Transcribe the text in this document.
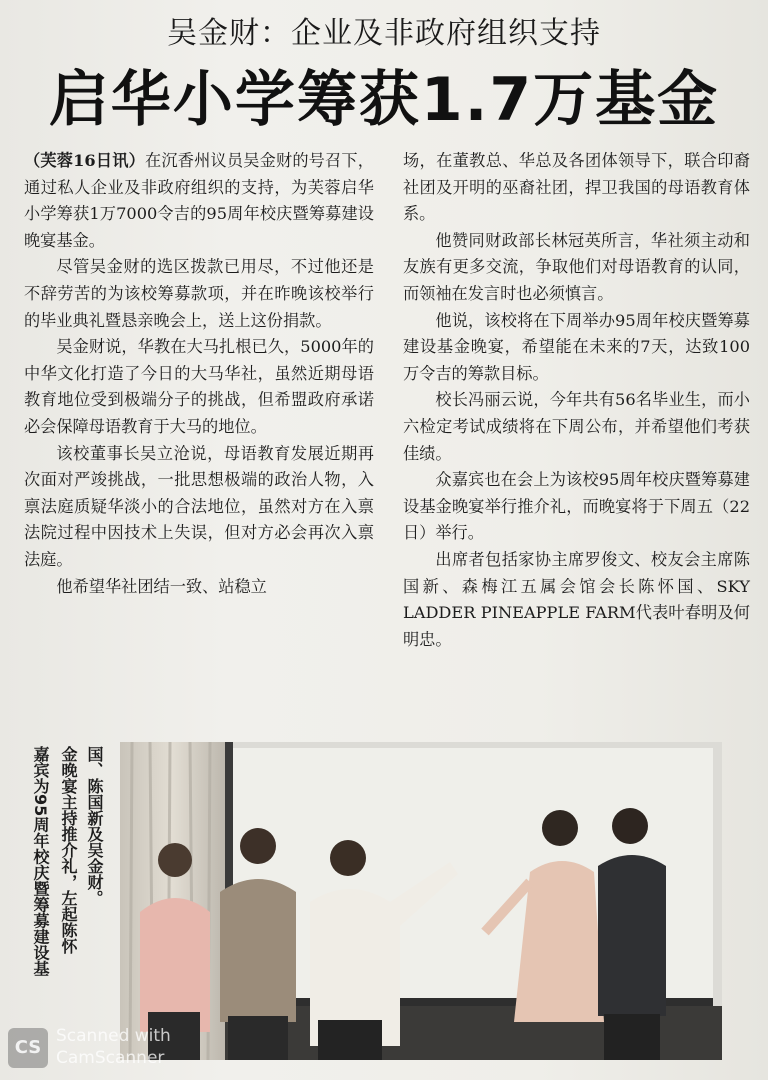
吴金财：企业及非政府组织支持
启华小学筹获1.7万基金

（芙蓉16日讯）在沉香州议员吴金财的号召下，通过私人企业及非政府组织的支持，为芙蓉启华小学筹获1万7000令吉的95周年校庆暨筹募建设晚宴基金。

尽管吴金财的选区拨款已用尽，不过他还是不辞劳苦的为该校筹募款项，并在昨晚该校举行的毕业典礼暨恳亲晚会上，送上这份捐款。

吴金财说，华教在大马扎根已久，5000年的中华文化打造了今日的大马华社，虽然近期母语教育地位受到极端分子的挑战，但希盟政府承诺必会保障母语教育于大马的地位。

该校董事长吴立沧说，母语教育发展近期再次面对严竣挑战，一批思想极端的政治人物，入禀法庭质疑华淡小的合法地位，虽然对方在入禀法院过程中因技术上失误，但对方必会再次入禀法庭。

他希望华社团结一致、站稳立

场，在董教总、华总及各团体领导下，联合印裔社团及开明的巫裔社团，捍卫我国的母语教育体系。

他赞同财政部长林冠英所言，华社须主动和友族有更多交流，争取他们对母语教育的认同，而领袖在发言时也必须慎言。

他说，该校将在下周举办95周年校庆暨筹募建设基金晚宴，希望能在未来的7天，达致100万令吉的筹款目标。

校长冯丽云说，今年共有56名毕业生，而小六检定考试成绩将在下周公布，并希望他们考获佳绩。

众嘉宾也在会上为该校95周年校庆暨筹募建设基金晚宴举行推介礼，而晚宴将于下周五（22日）举行。

出席者包括家协主席罗俊文、校友会主席陈国新、森梅江五属会馆会长陈怀国、SKY LADDER PINEAPPLE FARM代表叶春明及何明忠。

国、陈国新及吴金财。
金晚宴主持推介礼，左起陈怀
嘉宾为95周年校庆暨筹募建设基
CS
Scanned with
CamScanner
